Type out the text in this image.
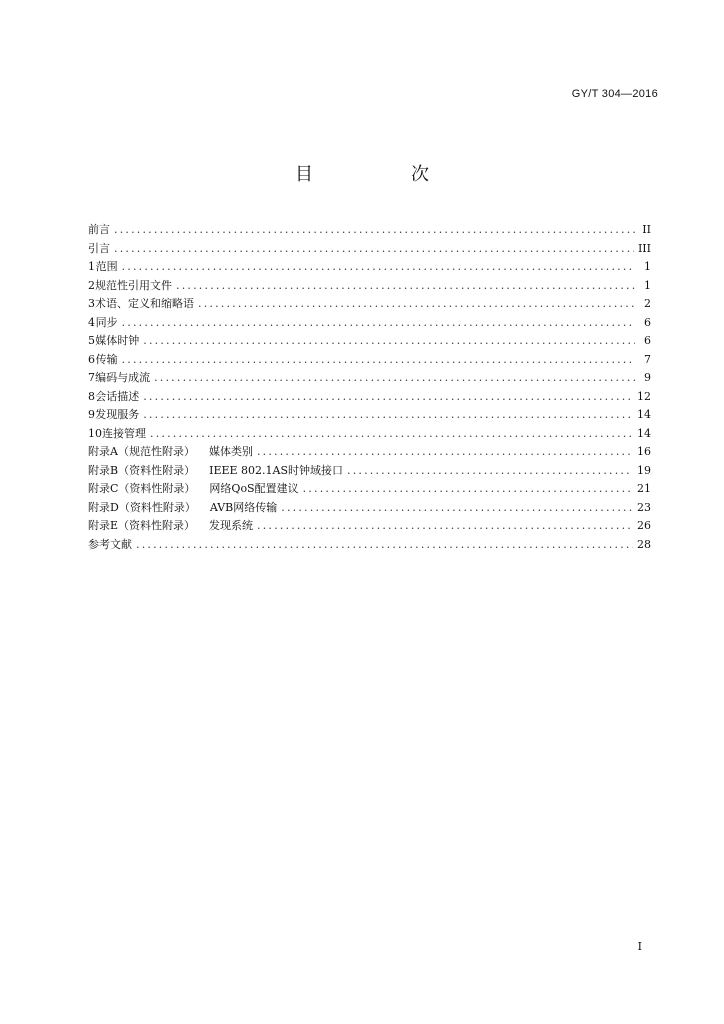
GY/T 304—2016
目　次
前言 .....	II
引言 .....	III
1 范围 .....	1
2 规范性引用文件 .....	1
3 术语、定义和缩略语 .....	2
4 同步 .....	6
5 媒体时钟 .....	6
6 传输 .....	7
7 编码与成流 .....	9
8 会话描述 .....	12
9 发现服务 .....	14
10 连接管理 .....	14
附录A（规范性附录） 媒体类别 .....	16
附录B（资料性附录） IEEE 802.1AS时钟域接口 .....	19
附录C（资料性附录） 网络QoS配置建议 .....	21
附录D（资料性附录） AVB网络传输 .....	23
附录E（资料性附录） 发现系统 .....	26
参考文献 .....	28
I
